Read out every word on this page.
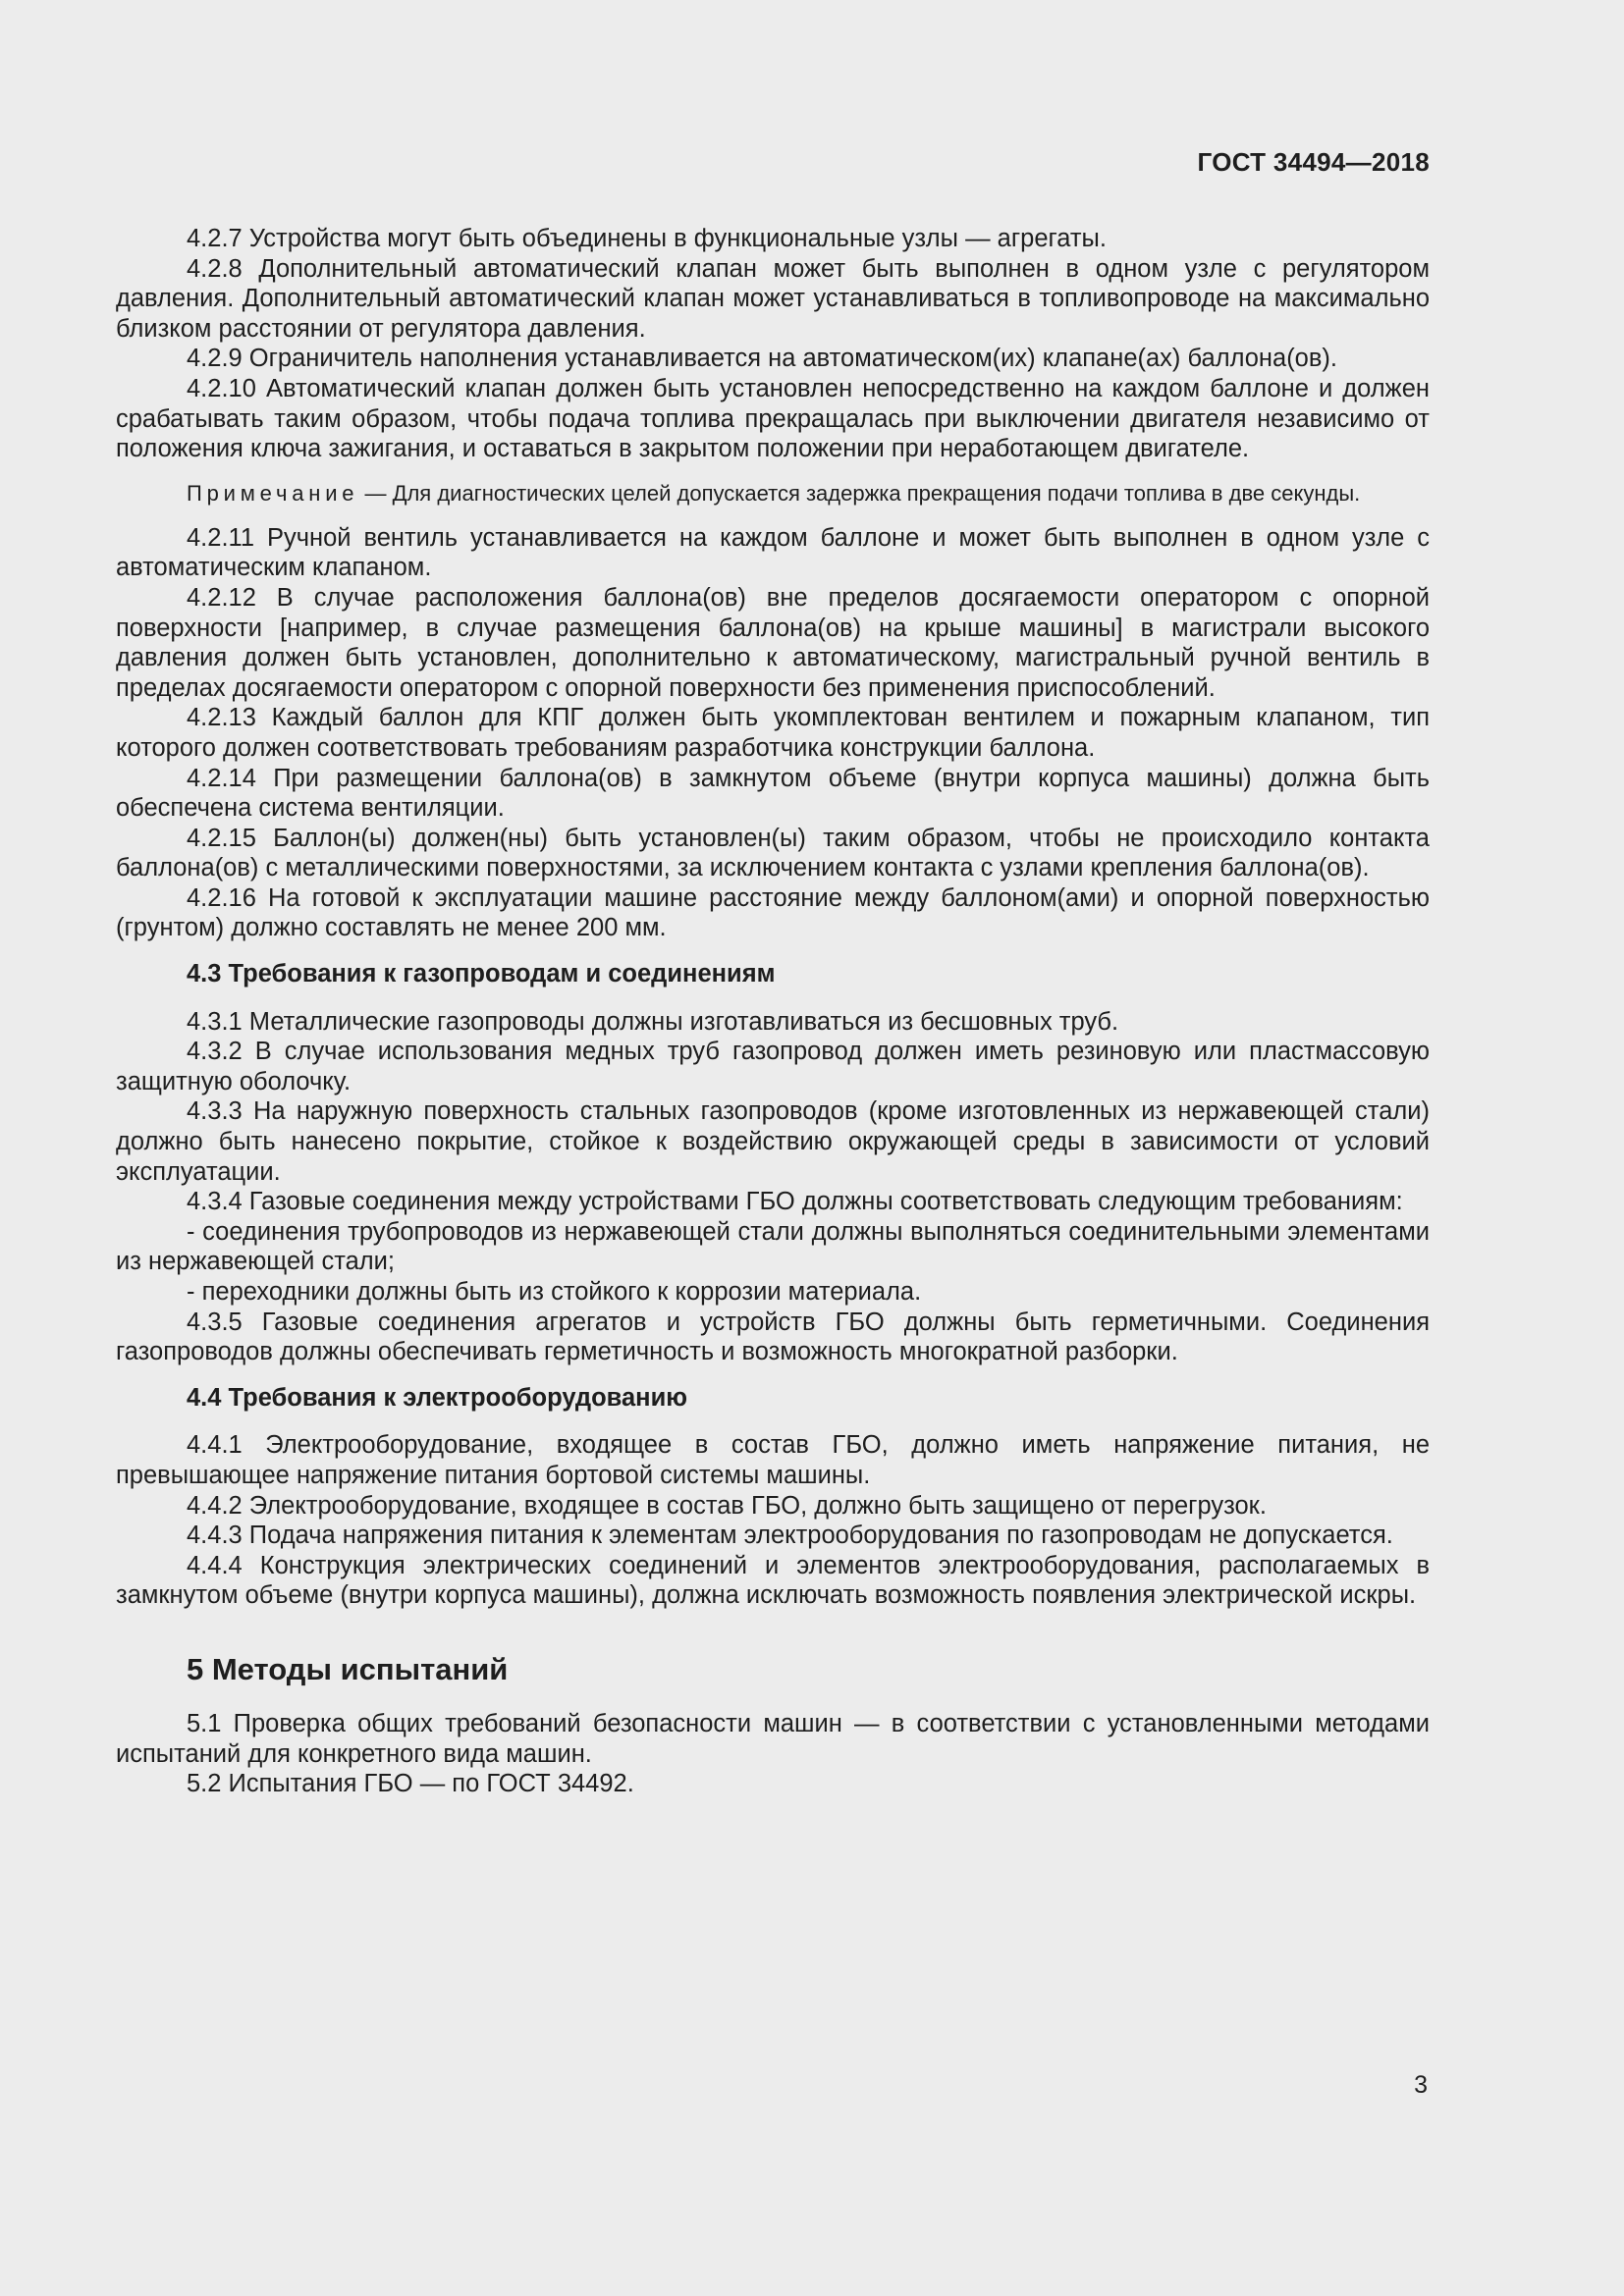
ГОСТ 34494—2018

4.2.7 Устройства могут быть объединены в функциональные узлы — агрегаты.

4.2.8 Дополнительный автоматический клапан может быть выполнен в одном узле с регулятором давления. Дополнительный автоматический клапан может устанавливаться в топливопроводе на максимально близком расстоянии от регулятора давления.

4.2.9 Ограничитель наполнения устанавливается на автоматическом(их) клапане(ах) баллона(ов).

4.2.10 Автоматический клапан должен быть установлен непосредственно на каждом баллоне и должен срабатывать таким образом, чтобы подача топлива прекращалась при выключении двигателя независимо от положения ключа зажигания, и оставаться в закрытом положении при неработающем двигателе.

Примечание — Для диагностических целей допускается задержка прекращения подачи топлива в две секунды.

4.2.11 Ручной вентиль устанавливается на каждом баллоне и может быть выполнен в одном узле с автоматическим клапаном.

4.2.12 В случае расположения баллона(ов) вне пределов досягаемости оператором с опорной поверхности [например, в случае размещения баллона(ов) на крыше машины] в магистрали высокого давления должен быть установлен, дополнительно к автоматическому, магистральный ручной вентиль в пределах досягаемости оператором с опорной поверхности без применения приспособлений.

4.2.13 Каждый баллон для КПГ должен быть укомплектован вентилем и пожарным клапаном, тип которого должен соответствовать требованиям разработчика конструкции баллона.

4.2.14 При размещении баллона(ов) в замкнутом объеме (внутри корпуса машины) должна быть обеспечена система вентиляции.

4.2.15 Баллон(ы) должен(ны) быть установлен(ы) таким образом, чтобы не происходило контакта баллона(ов) с металлическими поверхностями, за исключением контакта с узлами крепления баллона(ов).

4.2.16 На готовой к эксплуатации машине расстояние между баллоном(ами) и опорной поверхностью (грунтом) должно составлять не менее 200 мм.

4.3 Требования к газопроводам и соединениям

4.3.1 Металлические газопроводы должны изготавливаться из бесшовных труб.

4.3.2 В случае использования медных труб газопровод должен иметь резиновую или пластмассовую защитную оболочку.

4.3.3 На наружную поверхность стальных газопроводов (кроме изготовленных из нержавеющей стали) должно быть нанесено покрытие, стойкое к воздействию окружающей среды в зависимости от условий эксплуатации.

4.3.4 Газовые соединения между устройствами ГБО должны соответствовать следующим требованиям:

- соединения трубопроводов из нержавеющей стали должны выполняться соединительными элементами из нержавеющей стали;

- переходники должны быть из стойкого к коррозии материала.

4.3.5 Газовые соединения агрегатов и устройств ГБО должны быть герметичными. Соединения газопроводов должны обеспечивать герметичность и возможность многократной разборки.

4.4 Требования к электрооборудованию

4.4.1 Электрооборудование, входящее в состав ГБО, должно иметь напряжение питания, не превышающее напряжение питания бортовой системы машины.

4.4.2 Электрооборудование, входящее в состав ГБО, должно быть защищено от перегрузок.

4.4.3 Подача напряжения питания к элементам электрооборудования по газопроводам не допускается.

4.4.4 Конструкция электрических соединений и элементов электрооборудования, располагаемых в замкнутом объеме (внутри корпуса машины), должна исключать возможность появления электрической искры.

5 Методы испытаний

5.1 Проверка общих требований безопасности машин — в соответствии с установленными методами испытаний для конкретного вида машин.

5.2 Испытания ГБО — по ГОСТ 34492.

3
